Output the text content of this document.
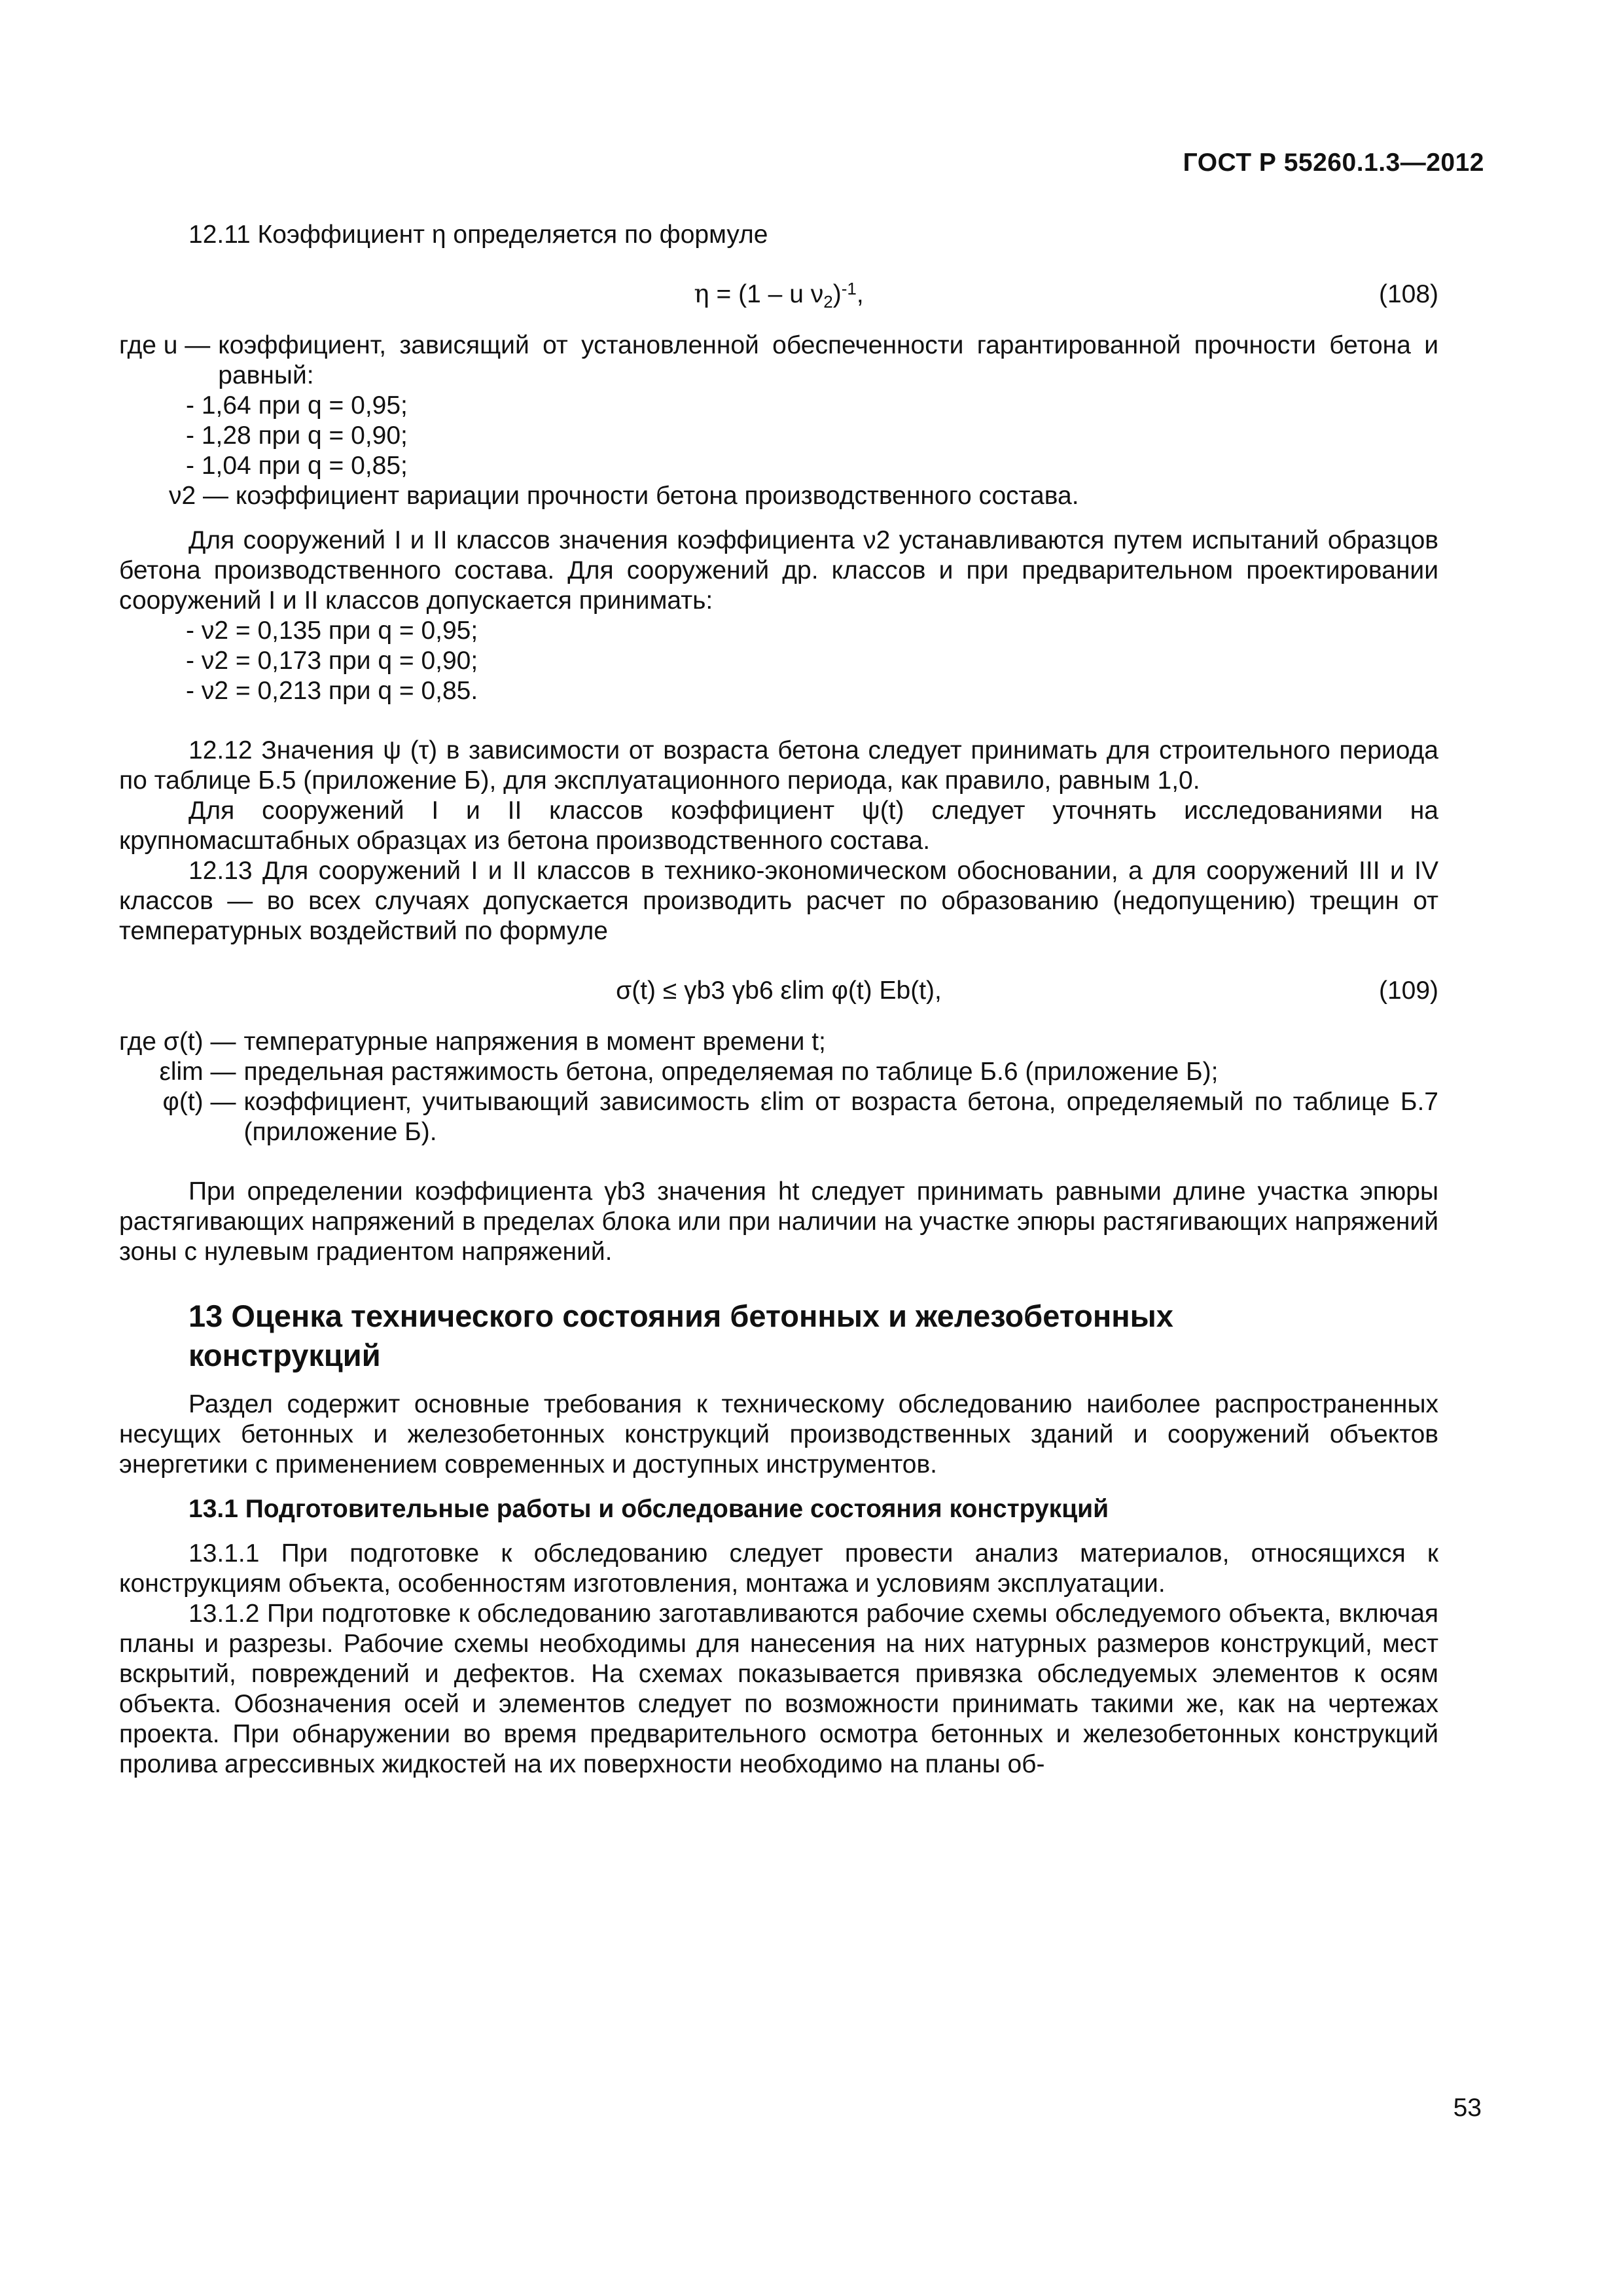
ГОСТ Р 55260.1.3—2012

12.11 Коэффициент η определяется по формуле

η = (1 – u $\nu_2)^{-1}$,	(108)
где u —	коэффициент, зависящий от установленной обеспеченности гарантированной прочности бетона и равный:
- 1,64 при q = 0,95;
- 1,28 при q = 0,90;
- 1,04 при q = 0,85;
ν2 — коэффициент вариации прочности бетона производственного состава.

Для сооружений I и II классов значения коэффициента ν2 устанавливаются путем испытаний образцов бетона производственного состава. Для сооружений др. классов и при предварительном проектировании сооружений I и II классов допускается принимать:

- ν2 = 0,135 при q = 0,95;
- ν2 = 0,173 при q = 0,90;
- ν2 = 0,213 при q = 0,85.

12.12 Значения ψ (τ) в зависимости от возраста бетона следует принимать для строительного периода по таблице Б.5 (приложение Б), для эксплуатационного периода, как правило, равным 1,0.

Для сооружений I и II классов коэффициент ψ(t) следует уточнять исследованиями на крупномасштабных образцах из бетона производственного состава.

12.13 Для сооружений I и II классов в технико-экономическом обосновании, а для сооружений III и IV классов — во всех случаях допускается производить расчет по образованию (недопущению) трещин от температурных воздействий по формуле

σ(t) ≤ γb3 γb6 εlim φ(t) Eb(t),	(109)
где σ(t) —	температурные напряжения в момент времени t;
εlim —	предельная растяжимость бетона, определяемая по таблице Б.6 (приложение Б);
φ(t) —	коэффициент, учитывающий зависимость εlim от возраста бетона, определяемый по таблице Б.7 (приложение Б).

При определении коэффициента γb3 значения ht следует принимать равными длине участка эпюры растягивающих напряжений в пределах блока или при наличии на участке эпюры растягивающих напряжений зоны с нулевым градиентом напряжений.

13 Оценка технического состояния бетонных и железобетонных
конструкций

Раздел содержит основные требования к техническому обследованию наиболее распространенных несущих бетонных и железобетонных конструкций производственных зданий и сооружений объектов энергетики с применением современных и доступных инструментов.

13.1 Подготовительные работы и обследование состояния конструкций

13.1.1 При подготовке к обследованию следует провести анализ материалов, относящихся к конструкциям объекта, особенностям изготовления, монтажа и условиям эксплуатации.

13.1.2 При подготовке к обследованию заготавливаются рабочие схемы обследуемого объекта, включая планы и разрезы. Рабочие схемы необходимы для нанесения на них натурных размеров конструкций, мест вскрытий, повреждений и дефектов. На схемах показывается привязка обследуемых элементов к осям объекта. Обозначения осей и элементов следует по возможности принимать такими же, как на чертежах проекта. При обнаружении во время предварительного осмотра бетонных и железобетонных конструкций пролива агрессивных жидкостей на их поверхности необходимо на планы об-

53
